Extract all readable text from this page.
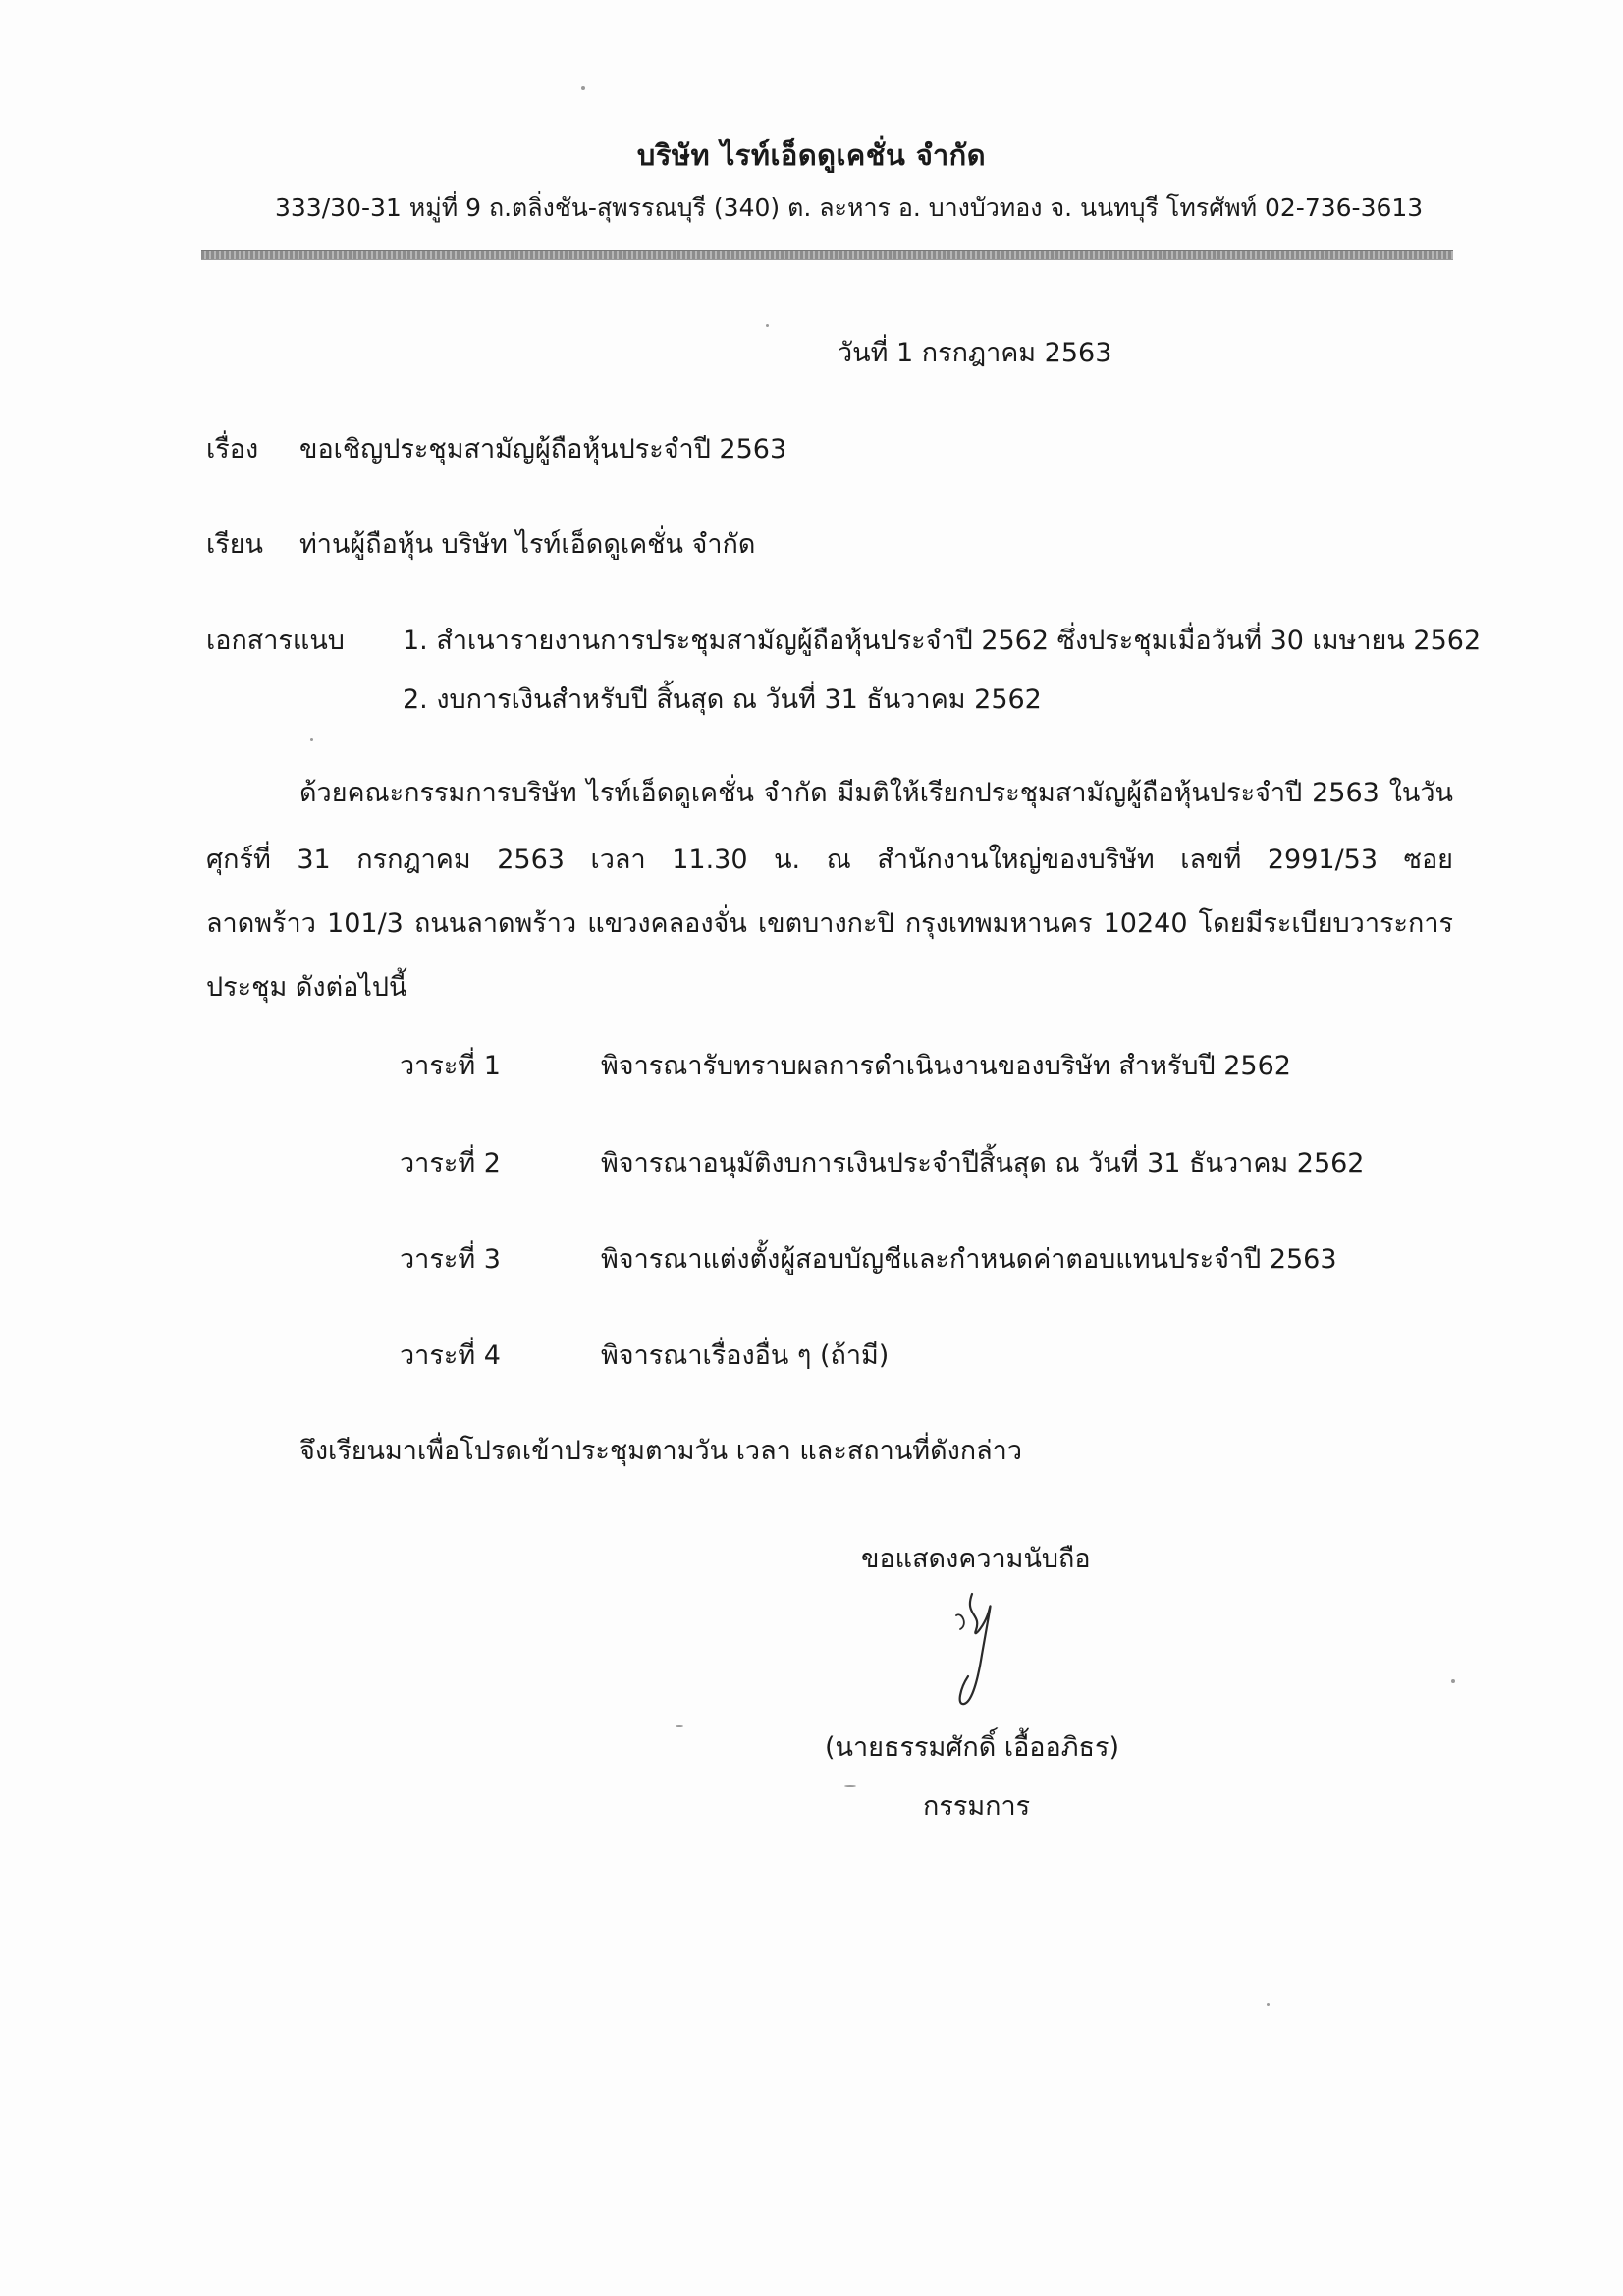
บริษัท ไรท์เอ็ดดูเคชั่น จำกัด
333/30-31 หมู่ที่ 9 ถ.ตลิ่งชัน-สุพรรณบุรี (340) ต. ละหาร อ. บางบัวทอง จ. นนทบุรี โทรศัพท์ 02-736-3613
วันที่ 1 กรกฎาคม 2563
เรื่อง ขอเชิญประชุมสามัญผู้ถือหุ้นประจำปี 2563
เรียน ท่านผู้ถือหุ้น บริษัท ไรท์เอ็ดดูเคชั่น จำกัด
เอกสารแนบ 1. สำเนารายงานการประชุมสามัญผู้ถือหุ้นประจำปี 2562 ซึ่งประชุมเมื่อวันที่ 30 เมษายน 2562
2. งบการเงินสำหรับปี สิ้นสุด ณ วันที่ 31 ธันวาคม 2562
ด้วยคณะกรรมการบริษัท ไรท์เอ็ดดูเคชั่น จำกัด มีมติให้เรียกประชุมสามัญผู้ถือหุ้นประจำปี 2563 ในวัน
ศุกร์ที่ 31 กรกฎาคม 2563 เวลา 11.30 น. ณ สำนักงานใหญ่ของบริษัท เลขที่ 2991/53 ซอย
ลาดพร้าว 101/3 ถนนลาดพร้าว แขวงคลองจั่น เขตบางกะปิ กรุงเทพมหานคร 10240 โดยมีระเบียบวาระการ
ประชุม ดังต่อไปนี้
วาระที่ 1	พิจารณารับทราบผลการดำเนินงานของบริษัท สำหรับปี 2562
วาระที่ 2	พิจารณาอนุมัติงบการเงินประจำปีสิ้นสุด ณ วันที่ 31 ธันวาคม 2562
วาระที่ 3	พิจารณาแต่งตั้งผู้สอบบัญชีและกำหนดค่าตอบแทนประจำปี 2563
วาระที่ 4	พิจารณาเรื่องอื่น ๆ (ถ้ามี)
จึงเรียนมาเพื่อโปรดเข้าประชุมตามวัน เวลา และสถานที่ดังกล่าว
ขอแสดงความนับถือ
(นายธรรมศักดิ์ เอื้ออภิธร)
กรรมการ
